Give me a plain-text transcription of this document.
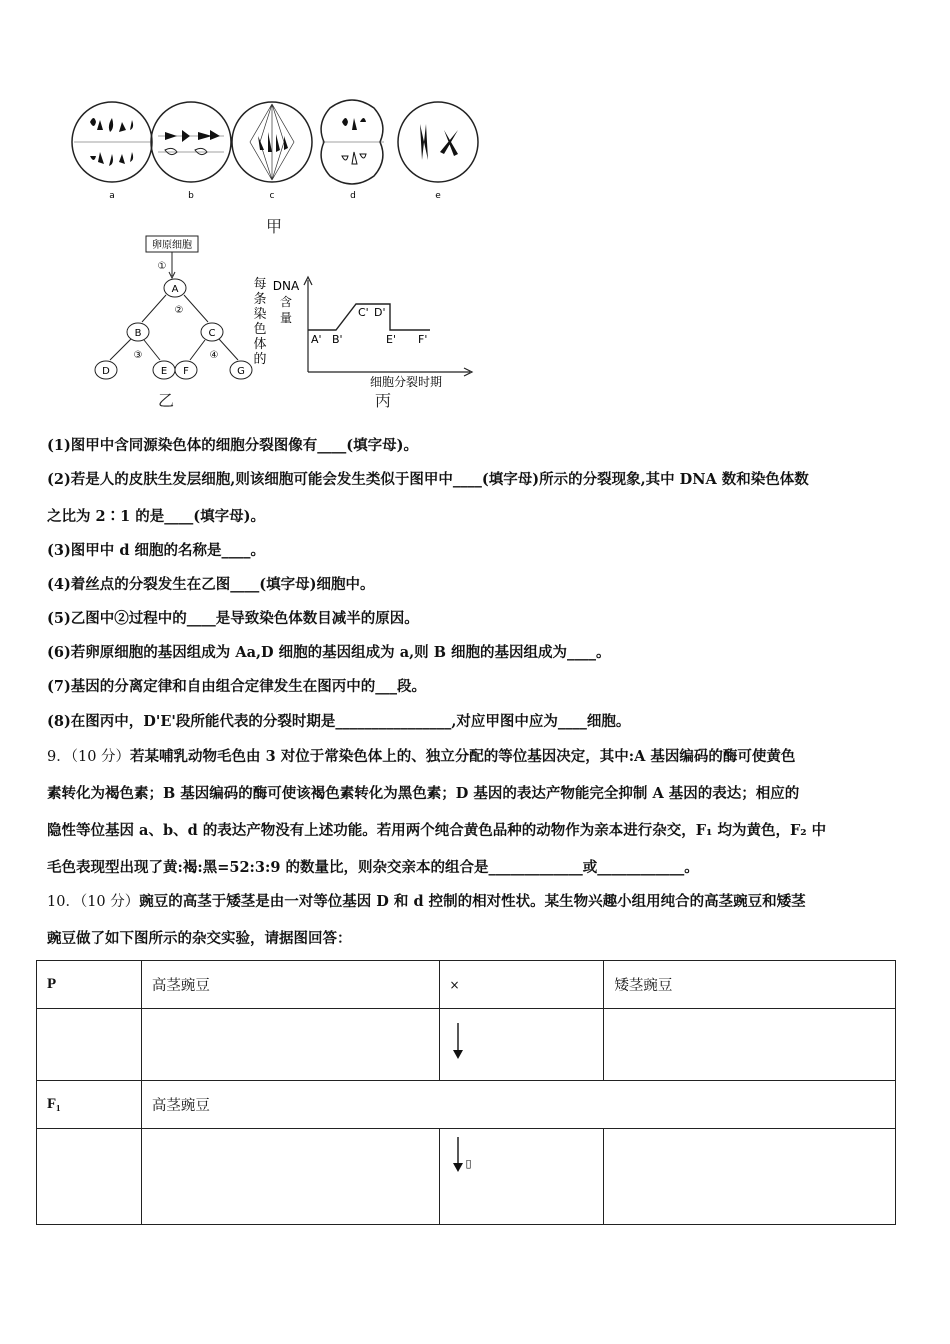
a	b	c	d	e
甲
卵原细胞
①
A
②
B	C
③	④
D	E F	G
乙
每
条
染
色
体
的
DNA
含
量
A' B'
C' D'
E' F'
细胞分裂时期
丙
(1)图甲中含同源染色体的细胞分裂图像有____(填字母)。
(2)若是人的皮肤生发层细胞,则该细胞可能会发生类似于图甲中____(填字母)所示的分裂现象,其中 DNA 数和染色体数
之比为 2∶1 的是____(填字母)。
(3)图甲中 d 细胞的名称是____。
(4)着丝点的分裂发生在乙图____(填字母)细胞中。
(5)乙图中②过程中的____是导致染色体数目减半的原因。
(6)若卵原细胞的基因组成为 Aa,D 细胞的基因组成为 a,则 B 细胞的基因组成为____。
(7)基因的分离定律和自由组合定律发生在图丙中的___段。
(8)在图丙中，D'E'段所能代表的分裂时期是________________,对应甲图中应为____细胞。
9．（10 分）若某哺乳动物毛色由 3 对位于常染色体上的、独立分配的等位基因决定，其中:A 基因编码的酶可使黄色
素转化为褐色素；B 基因编码的酶可使该褐色素转化为黑色素；D 基因的表达产物能完全抑制 A 基因的表达；相应的
隐性等位基因 a、b、d 的表达产物没有上述功能。若用两个纯合黄色品种的动物作为亲本进行杂交，F₁ 均为黄色，F₂ 中
毛色表现型出现了黄:褐:黑=52:3:9 的数量比，则杂交亲本的组合是_____________或____________。
10．（10 分）豌豆的高茎于矮茎是由一对等位基因 D 和 d 控制的相对性状。某生物兴趣小组用纯合的高茎豌豆和矮茎
豌豆做了如下图所示的杂交实验，请据图回答：
P	高茎豌豆	×	矮茎豌豆

F₁	高茎豌豆		
		$_▯$	
